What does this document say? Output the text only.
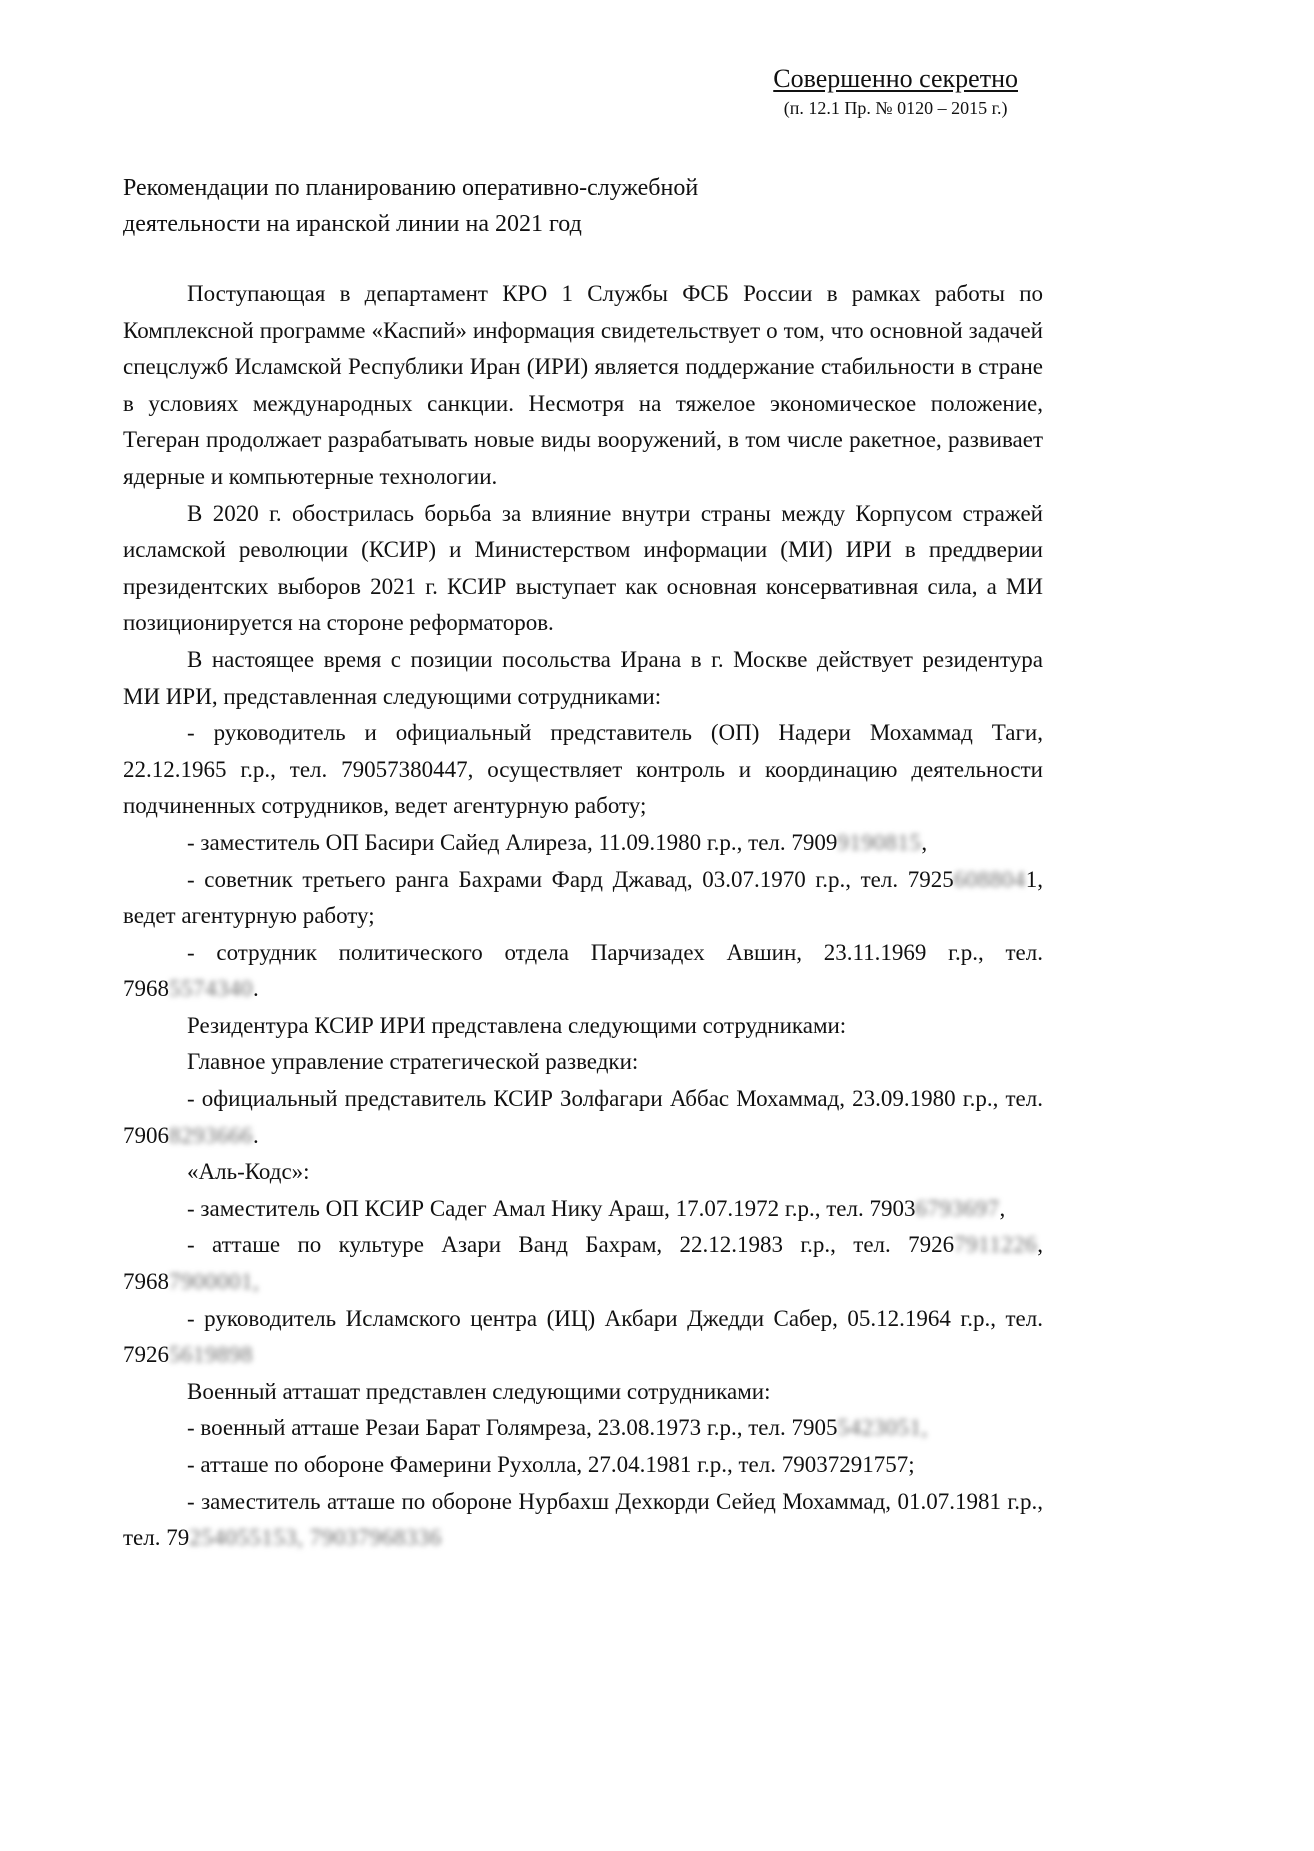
Совершенно секретно
(п. 12.1 Пр. № 0120 – 2015 г.)
Рекомендации по планированию оперативно-служебной
деятельности на иранской линии на 2021 год

Поступающая в департамент КРО 1 Службы ФСБ России в рамках работы по Комплексной программе «Каспий» информация свидетельствует о том, что основной задачей спецслужб Исламской Республики Иран (ИРИ) является поддержание стабильности в стране в условиях международных санкции. Несмотря на тяжелое экономическое положение, Тегеран продолжает разрабатывать новые виды вооружений, в том числе ракетное, развивает ядерные и компьютерные технологии.

В 2020 г. обострилась борьба за влияние внутри страны между Корпусом стражей исламской революции (КСИР) и Министерством информации (МИ) ИРИ в преддверии президентских выборов 2021 г. КСИР выступает как основная консервативная сила, а МИ позиционируется на стороне реформаторов.

В настоящее время с позиции посольства Ирана в г. Москве действует резидентура МИ ИРИ, представленная следующими сотрудниками:

- руководитель и официальный представитель (ОП) Надери Мохаммад Таги, 22.12.1965 г.р., тел. 79057380447, осуществляет контроль и координацию деятельности подчиненных сотрудников, ведет агентурную работу;

- заместитель ОП Басири Сайед Алиреза, 11.09.1980 г.р., тел. 79099190815,

- советник третьего ранга Бахрами Фард Джавад, 03.07.1970 г.р., тел. 79256088041, ведет агентурную работу;

- сотрудник политического отдела Парчизадех Авшин, 23.11.1969 г.р., тел. 79685574340.

Резидентура КСИР ИРИ представлена следующими сотрудниками:

Главное управление стратегической разведки:

- официальный представитель КСИР Золфагари Аббас Мохаммад, 23.09.1980 г.р., тел. 79068293666.

«Аль-Кодс»:

- заместитель ОП КСИР Садег Амал Нику Араш, 17.07.1972 г.р., тел. 79036793697,

- атташе по культуре Азари Ванд Бахрам, 22.12.1983 г.р., тел. 79267911226, 79687900001,

- руководитель Исламского центра (ИЦ) Акбари Джедди Сабер, 05.12.1964 г.р., тел. 79265619898

Военный атташат представлен следующими сотрудниками:

- военный атташе Резаи Барат Голямреза, 23.08.1973 г.р., тел. 79055423051,

- атташе по обороне Фамерини Рухолла, 27.04.1981 г.р., тел. 79037291757;

- заместитель атташе по обороне Нурбахш Дехкорди Сейед Мохаммад, 01.07.1981 г.р., тел. 79254055153, 79037968336
